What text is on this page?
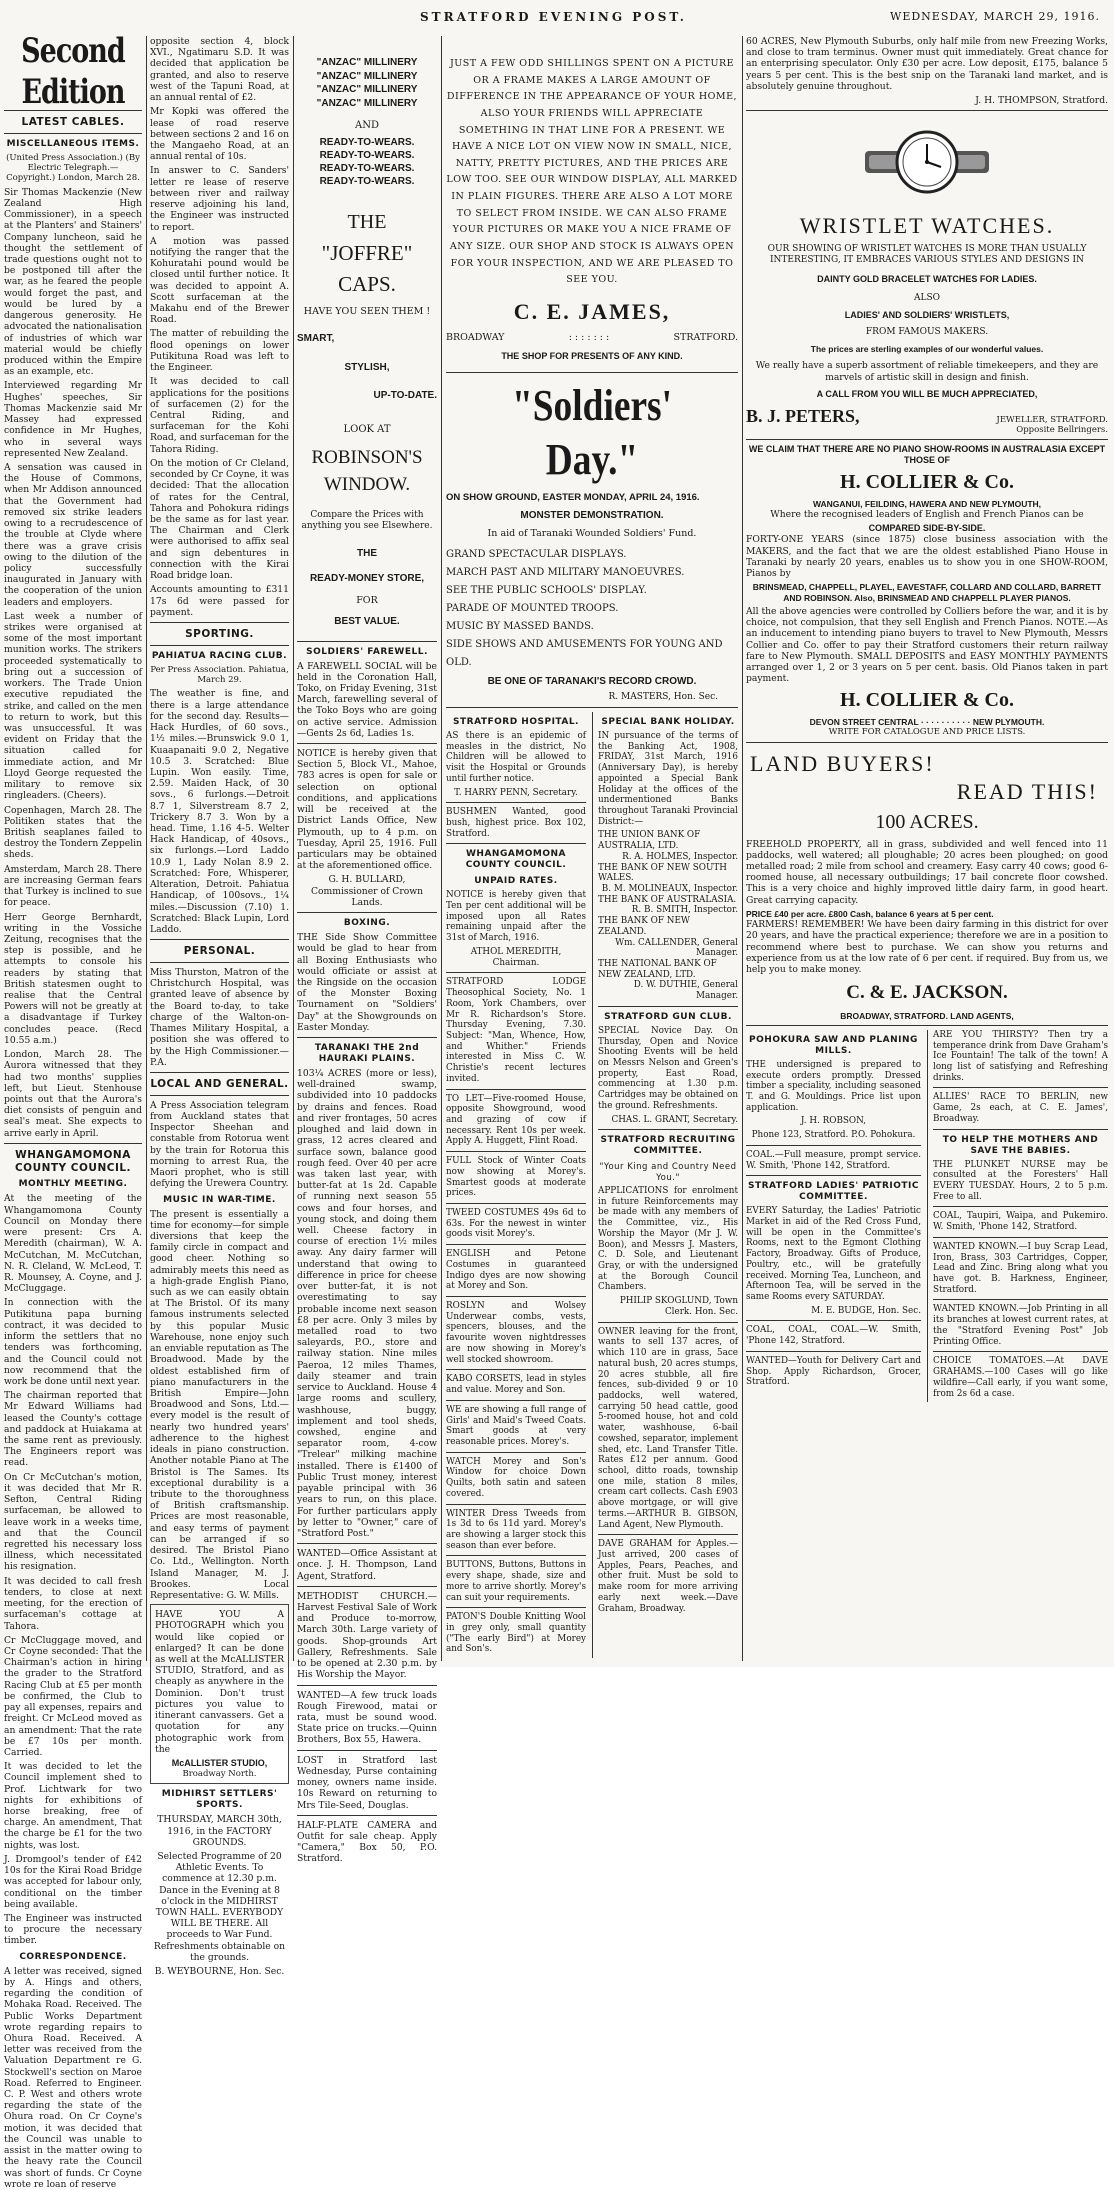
STRATFORD EVENING POST.	WEDNESDAY, MARCH 29, 1916.
Second Edition
LATEST CABLES.
MISCELLANEOUS ITEMS.

(United Press Association.) (By Electric Telegraph.—Copyright.) London, March 28.

Sir Thomas Mackenzie (New Zealand High Commissioner), in a speech at the Planters' and Stainers' Company luncheon, said he thought the settlement of trade questions ought not to be postponed till after the war, as he feared the people would forget the past, and would be lured by a dangerous generosity. He advocated the nationalisation of industries of which war material would be chiefly produced within the Empire as an example, etc.

Interviewed regarding Mr Hughes' speeches, Sir Thomas Mackenzie said Mr Massey had expressed confidence in Mr Hughes, who in several ways represented New Zealand.

A sensation was caused in the House of Commons, when Mr Addison announced that the Government had removed six strike leaders owing to a recrudescence of the trouble at Clyde where there was a grave crisis owing to the dilution of the policy successfully inaugurated in January with the cooperation of the union leaders and employers.

Last week a number of strikes were organised at some of the most important munition works. The strikers proceeded systematically to bring out a succession of workers. The Trade Union executive repudiated the strike, and called on the men to return to work, but this was unsuccessful. It was evident on Friday that the situation called for immediate action, and Mr Lloyd George requested the military to remove six ringleaders. (Cheers).

Copenhagen, March 28. The Politiken states that the British seaplanes failed to destroy the Tondern Zeppelin sheds.

Amsterdam, March 28. There are increasing German fears that Turkey is inclined to sue for peace.

Herr George Bernhardt, writing in the Vossiche Zeitung, recognises that the step is possible, and he attempts to console his readers by stating that British statesmen ought to realise that the Central Powers will not be greatly at a disadvantage if Turkey concludes peace. (Recd 10.55 a.m.)

London, March 28. The Aurora witnessed that they had two months' supplies left, but Lieut. Stenhouse points out that the Aurora's diet consists of penguin and seal's meat. She expects to arrive early in April.

WHANGAMOMONA COUNTY COUNCIL.
MONTHLY MEETING.

At the meeting of the Whangamomona County Council on Monday there were present: Crs A. Meredith (chairman), W. A. McCutchan, M. McCutchan, N. R. Cleland, W. McLeod, T. R. Mounsey, A. Coyne, and J. McCluggage.

In connection with the Putikituna papa burning contract, it was decided to inform the settlers that no tenders was forthcoming, and the Council could not now recommend that the work be done until next year.

The chairman reported that Mr Edward Williams had leased the County's cottage and paddock at Huiakama at the same rent as previously. The Engineers report was read.

On Cr McCutchan's motion, it was decided that Mr R. Sefton, Central Riding surfaceman, be allowed to leave work in a weeks time, and that the Council regretted his necessary loss illness, which necessitated his resignation.

It was decided to call fresh tenders, to close at next meeting, for the erection of surfaceman's cottage at Tahora.

Cr McCluggage moved, and Cr Coyne seconded: That the Chairman's action in hiring the grader to the Stratford Racing Club at £5 per month be confirmed, the Club to pay all expenses, repairs and freight. Cr McLeod moved as an amendment: That the rate be £7 10s per month. Carried.

It was decided to let the Council implement shed to Prof. Lichtwark for two nights for exhibitions of horse breaking, free of charge. An amendment, That the charge be £1 for the two nights, was lost.

J. Dromgool's tender of £42 10s for the Kirai Road Bridge was accepted for labour only, conditional on the timber being available.

The Engineer was instructed to procure the necessary timber.

CORRESPONDENCE.

A letter was received, signed by A. Hings and others, regarding the condition of Mohaka Road. Received. The Public Works Department wrote regarding repairs to Ohura Road. Received. A letter was received from the Valuation Department re G. Stockwell's section on Maroe Road. Referred to Engineer. C. P. West and others wrote regarding the state of the Ohura road. On Cr Coyne's motion, it was decided that the Council was unable to assist in the matter owing to the heavy rate the Council was short of funds. Cr Coyne wrote re loan of reserve

opposite section 4, block XVI., Ngatimaru S.D. It was decided that application be granted, and also to reserve west of the Tapuni Road, at an annual rental of £2.

Mr Kopki was offered the lease of road reserve between sections 2 and 16 on the Mangaeho Road, at an annual rental of 10s.

In answer to C. Sanders' letter re lease of reserve between river and railway reserve adjoining his land, the Engineer was instructed to report.

A motion was passed notifying the ranger that the Kohuratahi pound would be closed until further notice. It was decided to appoint A. Scott surfaceman at the Makahu end of the Brewer Road.

The matter of rebuilding the flood openings on lower Putikituna Road was left to the Engineer.

It was decided to call applications for the positions of surfacemen (2) for the Central Riding, and surfaceman for the Kohi Road, and surfaceman for the Tahora Riding.

On the motion of Cr Cleland, seconded by Cr Coyne, it was decided: That the allocation of rates for the Central, Tahora and Pohokura ridings be the same as for last year. The Chairman and Clerk were authorised to affix seal and sign debentures in connection with the Kirai Road bridge loan.

Accounts amounting to £311 17s 6d were passed for payment.

SPORTING.
PAHIATUA RACING CLUB.

Per Press Association. Pahiatua, March 29.

The weather is fine, and there is a large attendance for the second day. Results— Hack Hurdles, of 60 sovs., 1½ miles.—Brunswick 9.0 1, Kuaapanaiti 9.0 2, Negative 10.5 3. Scratched: Blue Lupin. Won easily. Time, 2.59. Maiden Hack, of 30 sovs., 6 furlongs.—Detroit 8.7 1, Silverstream 8.7 2, Trickery 8.7 3. Won by a head. Time, 1.16 4-5. Welter Hack Handicap, of 40sovs., six furlongs.—Lord Laddo 10.9 1, Lady Nolan 8.9 2. Scratched: Fore, Whisperer, Alteration, Detroit. Pahiatua Handicap, of 100sovs., 1¼ miles.—Discussion (7.10) 1. Scratched: Black Lupin, Lord Laddo.

PERSONAL.

Miss Thurston, Matron of the Christchurch Hospital, was granted leave of absence by the Board to-day, to take charge of the Walton-on-Thames Military Hospital, a position she was offered to by the High Commissioner.—P.A.

LOCAL AND GENERAL.

A Press Association telegram from Auckland states that Inspector Sheehan and constable from Rotorua went by the train for Rotorua this morning to arrest Rua, the Maori prophet, who is still defying the Urewera Country.

MUSIC IN WAR-TIME.

The present is essentially a time for economy—for simple diversions that keep the family circle in compact and good cheer. Nothing so admirably meets this need as a high-grade English Piano, such as we can easily obtain at The Bristol. Of its many famous instruments selected by this popular Music Warehouse, none enjoy such an enviable reputation as The Broadwood. Made by the oldest established firm of piano manufacturers in the British Empire—John Broadwood and Sons, Ltd.—every model is the result of nearly two hundred years' adherence to the highest ideals in piano construction. Another notable Piano at The Bristol is The Sames. Its exceptional durability is a tribute to the thoroughness of British craftsmanship. Prices are most reasonable, and easy terms of payment can be arranged if so desired. The Bristol Piano Co. Ltd., Wellington. North Island Manager, M. J. Brookes. Local Representative: G. W. Mills.

HAVE YOU A PHOTOGRAPH which you would like copied or enlarged? It can be done as well at the McALLISTER STUDIO, Stratford, and as cheaply as anywhere in the Dominion. Don't trust pictures you value to itinerant canvassers. Get a quotation for any photographic work from the

McALLISTER STUDIO,
Broadway North.
MIDHIRST SETTLERS' SPORTS.

THURSDAY, MARCH 30th, 1916, in the FACTORY GROUNDS.

Selected Programme of 20 Athletic Events. To commence at 12.30 p.m. Dance in the Evening at 8 o'clock in the MIDHIRST TOWN HALL. EVERYBODY WILL BE THERE. All proceeds to War Fund. Refreshments obtainable on the grounds.

B. WEYBOURNE, Hon. Sec.

"ANZAC" MILLINERY
"ANZAC" MILLINERY
"ANZAC" MILLINERY
"ANZAC" MILLINERY
AND
READY-TO-WEARS.
READY-TO-WEARS.
READY-TO-WEARS.
READY-TO-WEARS.
THE
"JOFFRE"
CAPS.
HAVE YOU SEEN THEM !
SMART,
STYLISH,
UP-TO-DATE.
LOOK AT
ROBINSON'S
WINDOW.
Compare the Prices with anything you see Elsewhere.
THE
READY-MONEY STORE,
FOR
BEST VALUE.
SOLDIERS' FAREWELL.

A FAREWELL SOCIAL will be held in the Coronation Hall, Toko, on Friday Evening, 31st March, farewelling several of the Toko Boys who are going on active service. Admission—Gents 2s 6d, Ladies 1s.

NOTICE is hereby given that Section 5, Block VI., Mahoe, 783 acres is open for sale or selection on optional conditions, and applications will be received at the District Lands Office, New Plymouth, up to 4 p.m. on Tuesday, April 25, 1916. Full particulars may be obtained at the aforementioned office.

G. H. BULLARD, Commissioner of Crown Lands.

BOXING.

THE Side Show Committee would be glad to hear from all Boxing Enthusiasts who would officiate or assist at the Ringside on the occasion of the Monster Boxing Tournament on "Soldiers' Day" at the Showgrounds on Easter Monday.

TARANAKI THE 2nd HAURAKI PLAINS.

103¼ ACRES (more or less), well-drained swamp, subdivided into 10 paddocks by drains and fences. Road and river frontages, 50 acres ploughed and laid down in grass, 12 acres cleared and surface sown, balance good rough feed. Over 40 per acre was taken last year, with butter-fat at 1s 2d. Capable of running next season 55 cows and four horses, and young stock, and doing them well. Cheese factory in course of erection 1½ miles away. Any dairy farmer will understand that owing to difference in price for cheese over butter-fat, it is not overestimating to say probable income next season £8 per acre. Only 3 miles by metalled road to two saleyards, P.O., store and railway station. Nine miles Paeroa, 12 miles Thames, daily steamer and train service to Auckland. House 4 large rooms and scullery, washhouse, buggy, implement and tool sheds, cowshed, engine and separator room, 4-cow "Trelear" milking machine installed. There is £1400 of Public Trust money, interest payable principal with 36 years to run, on this place. For further particulars apply by letter to "Owner," care of "Stratford Post."

WANTED—Office Assistant at once. J. H. Thompson, Land Agent, Stratford.

METHODIST CHURCH.—Harvest Festival Sale of Work and Produce to-morrow, March 30th. Large variety of goods. Shop-grounds Art Gallery, Refreshments. Sale to be opened at 2.30 p.m. by His Worship the Mayor.

WANTED—A few truck loads Rough Firewood, matai or rata, must be sound wood. State price on trucks.—Quinn Brothers, Box 55, Hawera.

LOST in Stratford last Wednesday, Purse containing money, owners name inside. 10s Reward on returning to Mrs Tile-Seed, Douglas.

HALF-PLATE CAMERA and Outfit for sale cheap. Apply "Camera," Box 50, P.O. Stratford.

JUST A FEW ODD SHILLINGS SPENT ON A PICTURE OR A FRAME MAKES A LARGE AMOUNT OF DIFFERENCE IN THE APPEARANCE OF YOUR HOME, ALSO YOUR FRIENDS WILL APPRECIATE SOMETHING IN THAT LINE FOR A PRESENT. WE HAVE A NICE LOT ON VIEW NOW IN SMALL, NICE, NATTY, PRETTY PICTURES, AND THE PRICES ARE LOW TOO. SEE OUR WINDOW DISPLAY, ALL MARKED IN PLAIN FIGURES. THERE ARE ALSO A LOT MORE TO SELECT FROM INSIDE. WE CAN ALSO FRAME YOUR PICTURES OR MAKE YOU A NICE FRAME OF ANY SIZE. OUR SHOP AND STOCK IS ALWAYS OPEN FOR YOUR INSPECTION, AND WE ARE PLEASED TO SEE YOU.

C. E. JAMES,
BROADWAY	: : : : : : :	STRATFORD.
THE SHOP FOR PRESENTS OF ANY KIND.
"Soldiers' Day."
ON SHOW GROUND, EASTER MONDAY, APRIL 24, 1916.
MONSTER DEMONSTRATION.
In aid of Taranaki Wounded Soldiers' Fund.
GRAND SPECTACULAR DISPLAYS.
MARCH PAST AND MILITARY MANOEUVRES.
SEE THE PUBLIC SCHOOLS' DISPLAY.
PARADE OF MOUNTED TROOPS.
MUSIC BY MASSED BANDS.
SIDE SHOWS AND AMUSEMENTS FOR YOUNG AND OLD.
BE ONE OF TARANAKI'S RECORD CROWD.
R. MASTERS, Hon. Sec.
STRATFORD HOSPITAL.

AS there is an epidemic of measles in the district, No Children will be allowed to visit the Hospital or Grounds until further notice.

T. HARRY PENN, Secretary.

BUSHMEN Wanted, good bush, highest price. Box 102, Stratford.

WHANGAMOMONA COUNTY COUNCIL.
UNPAID RATES.

NOTICE is hereby given that Ten per cent additional will be imposed upon all Rates remaining unpaid after the 31st of March, 1916.

ATHOL MEREDITH, Chairman.

STRATFORD LODGE Theosophical Society, No. 1 Room, York Chambers, over Mr R. Richardson's Store. Thursday Evening, 7.30. Subject: "Man, Whence, How, and Whither." Friends interested in Miss C. W. Christie's recent lectures invited.

TO LET—Five-roomed House, opposite Showground, wood and grazing of cow if necessary. Rent 10s per week. Apply A. Huggett, Flint Road.

FULL Stock of Winter Coats now showing at Morey's. Smartest goods at moderate prices.

TWEED COSTUMES 49s 6d to 63s. For the newest in winter goods visit Morey's.

ENGLISH and Petone Costumes in guaranteed Indigo dyes are now showing at Morey and Son.

ROSLYN and Wolsey Underwear combs, vests, spencers, blouses, and the favourite woven nightdresses are now showing in Morey's well stocked showroom.

KABO CORSETS, lead in styles and value. Morey and Son.

WE are showing a full range of Girls' and Maid's Tweed Coats. Smart goods at very reasonable prices. Morey's.

WATCH Morey and Son's Window for choice Down Quilts, both satin and sateen covered.

WINTER Dress Tweeds from 1s 3d to 6s 11d yard. Morey's are showing a larger stock this season than ever before.

BUTTONS, Buttons, Buttons in every shape, shade, size and more to arrive shortly. Morey's can suit your requirements.

PATON'S Double Knitting Wool in grey only, small quantity ("The early Bird") at Morey and Son's.

SPECIAL BANK HOLIDAY.

IN pursuance of the terms of the Banking Act, 1908, FRIDAY, 31st March, 1916 (Anniversary Day), is hereby appointed a Special Bank Holiday at the offices of the undermentioned Banks throughout Taranaki Provincial District:—

THE UNION BANK OF AUSTRALIA, LTD.
R. A. HOLMES, Inspector.
THE BANK OF NEW SOUTH WALES.
B. M. MOLINEAUX, Inspector.
THE BANK OF AUSTRALASIA.
R. B. SMITH, Inspector.
THE BANK OF NEW ZEALAND.
Wm. CALLENDER, General Manager.
THE NATIONAL BANK OF NEW ZEALAND, LTD.
D. W. DUTHIE, General Manager.
STRATFORD GUN CLUB.

SPECIAL Novice Day. On Thursday, Open and Novice Shooting Events will be held on Messrs Nelson and Green's property, East Road, commencing at 1.30 p.m. Cartridges may be obtained on the ground. Refreshments.

CHAS. L. GRANT, Secretary.

STRATFORD RECRUITING COMMITTEE.
"Your King and Country Need You."

APPLICATIONS for enrolment in future Reinforcements may be made with any members of the Committee, viz., His Worship the Mayor (Mr J. W. Boon), and Messrs J. Masters, C. D. Sole, and Lieutenant Gray, or with the undersigned at the Borough Council Chambers.

PHILIP SKOGLUND, Town Clerk. Hon. Sec.

OWNER leaving for the front, wants to sell 137 acres, of which 110 are in grass, 5ace natural bush, 20 acres stumps, 20 acres stubble, all fire fences, sub-divided 9 or 10 paddocks, well watered, carrying 50 head cattle, good 5-roomed house, hot and cold water, washhouse, 6-bail cowshed, separator, implement shed, etc. Land Transfer Title. Rates £12 per annum. Good school, ditto roads, township one mile, station 8 miles, cream cart collects. Cash £903 above mortgage, or will give terms.—ARTHUR B. GIBSON, Land Agent, New Plymouth.

DAVE GRAHAM for Apples.—Just arrived, 200 cases of Apples, Pears, Peaches, and other fruit. Must be sold to make room for more arriving early next week.—Dave Graham, Broadway.

60 ACRES, New Plymouth Suburbs, only half mile from new Freezing Works, and close to tram terminus. Owner must quit immediately. Great chance for an enterprising speculator. Only £30 per acre. Low deposit, £175, balance 5 years 5 per cent. This is the best snip on the Taranaki land market, and is absolutely genuine throughout.

J. H. THOMPSON, Stratford.

WRISTLET WATCHES.

OUR SHOWING OF WRISTLET WATCHES IS MORE THAN USUALLY INTERESTING, IT EMBRACES VARIOUS STYLES AND DESIGNS IN

DAINTY GOLD BRACELET WATCHES FOR LADIES.
ALSO
LADIES' AND SOLDIERS' WRISTLETS,
FROM FAMOUS MAKERS.
The prices are sterling examples of our wonderful values.

We really have a superb assortment of reliable timekeepers, and they are marvels of artistic skill in design and finish.

A CALL FROM YOU WILL BE MUCH APPRECIATED,
B. J. PETERS,	JEWELLER, STRATFORD. Opposite Bellringers.
WE CLAIM THAT THERE ARE NO PIANO SHOW-ROOMS IN AUSTRALASIA EXCEPT THOSE OF
H. COLLIER & Co.
WANGANUI, FEILDING, HAWERA AND NEW PLYMOUTH,

Where the recognised leaders of English and French Pianos can be

COMPARED SIDE-BY-SIDE.

FORTY-ONE YEARS (since 1875) close business association with the MAKERS, and the fact that we are the oldest established Piano House in Taranaki by nearly 20 years, enables us to show you in one SHOW-ROOM, Pianos by

BRINSMEAD, CHAPPELL, PLAYEL, EAVESTAFF, COLLARD AND COLLARD, BARRETT AND ROBINSON. Also, BRINSMEAD AND CHAPPELL PLAYER PIANOS.

All the above agencies were controlled by Colliers before the war, and it is by choice, not compulsion, that they sell English and French Pianos. NOTE.—As an inducement to intending piano buyers to travel to New Plymouth, Messrs Collier and Co. offer to pay their Stratford customers their return railway fare to New Plymouth. SMALL DEPOSITS and EASY MONTHLY PAYMENTS arranged over 1, 2 or 3 years on 5 per cent. basis. Old Pianos taken in part payment.

H. COLLIER & Co.
DEVON STREET CENTRAL · · · · · · · · · · NEW PLYMOUTH.
WRITE FOR CATALOGUE AND PRICE LISTS.
LAND BUYERS!
READ THIS!
100 ACRES.

FREEHOLD PROPERTY, all in grass, subdivided and well fenced into 11 paddocks, well watered; all ploughable; 20 acres been ploughed; on good metalled road; 2 mile from school and creamery. Easy carry 40 cows; good 6-roomed house, all necessary outbuildings; 17 bail concrete floor cowshed. This is a very choice and highly improved little dairy farm, in good heart. Great carrying capacity.

PRICE £40 per acre. £800 Cash, balance 6 years at 5 per cent.

FARMERS! REMEMBER! We have been dairy farming in this district for over 20 years, and have the practical experience; therefore we are in a position to recommend where best to purchase. We can show you returns and experience from us at the low rate of 6 per cent. if required. Buy from us, we help you to make money.

C. & E. JACKSON.
BROADWAY, STRATFORD. LAND AGENTS,
POHOKURA SAW AND PLANING MILLS.

THE undersigned is prepared to execute orders promptly. Dressed timber a speciality, including seasoned T. and G. Mouldings. Price list upon application.

J. H. ROBSON,

Phone 123, Stratford. P.O. Pohokura.

COAL.—Full measure, prompt service. W. Smith, 'Phone 142, Stratford.

STRATFORD LADIES' PATRIOTIC COMMITTEE.

EVERY Saturday, the Ladies' Patriotic Market in aid of the Red Cross Fund, will be open in the Committee's Rooms, next to the Egmont Clothing Factory, Broadway. Gifts of Produce, Poultry, etc., will be gratefully received. Morning Tea, Luncheon, and Afternoon Tea, will be served in the same Rooms every SATURDAY.

M. E. BUDGE, Hon. Sec.

COAL, COAL, COAL.—W. Smith, 'Phone 142, Stratford.

WANTED—Youth for Delivery Cart and Shop. Apply Richardson, Grocer, Stratford.

ARE YOU THIRSTY? Then try a temperance drink from Dave Graham's Ice Fountain! The talk of the town! A long list of satisfying and Refreshing drinks.

ALLIES' RACE TO BERLIN, new Game, 2s each, at C. E. James', Broadway.

TO HELP THE MOTHERS AND SAVE THE BABIES.

THE PLUNKET NURSE may be consulted at the Foresters' Hall EVERY TUESDAY. Hours, 2 to 5 p.m. Free to all.

COAL, Taupiri, Waipa, and Pukemiro. W. Smith, 'Phone 142, Stratford.

WANTED KNOWN.—I buy Scrap Lead, Iron, Brass, 303 Cartridges, Copper, Lead and Zinc. Bring along what you have got. B. Harkness, Engineer, Stratford.

WANTED KNOWN.—Job Printing in all its branches at lowest current rates, at the "Stratford Evening Post" Job Printing Office.

CHOICE TOMATOES.—At DAVE GRAHAMS.—100 Cases will go like wildfire—Call early, if you want some, from 2s 6d a case.
